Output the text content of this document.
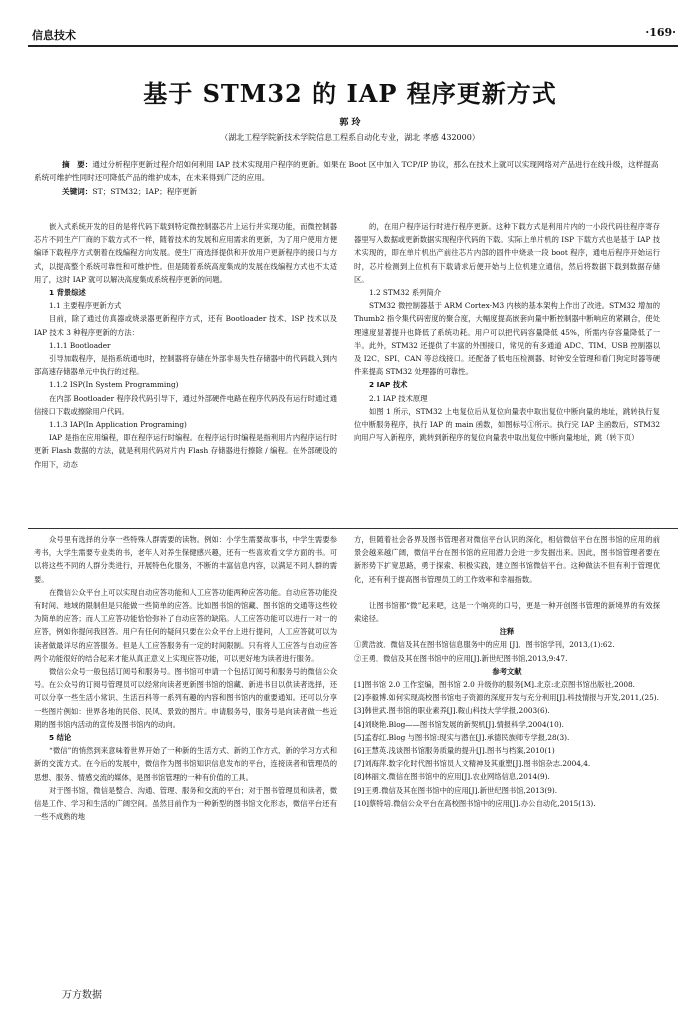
信息技术	·169·
基于 STM32 的 IAP 程序更新方式
郭 玲
（湖北工程学院新技术学院信息工程系自动化专业，湖北 孝感 432000）
摘　要：通过分析程序更新过程介绍如何利用 IAP 技术实现用户程序的更新。如果在 Boot 区中加入 TCP/IP 协议，那么在技术上就可以实现网络对产品进行在线升级，这样提高系统可维护性同时还可降低产品的维护成本，在未来得到广泛的应用。
关键词：ST；STM32；IAP；程序更新

嵌入式系统开发的目的是将代码下载到特定微控制器芯片上运行并实现功能，而微控制器芯片不同生产厂商的下载方式不一样，随着技术的发展和应用需求的更新，为了用户使用方便编译下载程序方式朝着在线编程方向发展。使生厂商选择提供和开放用户更新程序的接口与方式，以提高整个系统可靠性和可维护性。但是随着系统高度集成的发展在线编程方式也不太适用了，这时 IAP 就可以解决高度集成系统程序更新的问题。

1 背景综述

1.1 主要程序更新方式

目前，除了通过仿真器或烧录器更新程序方式，还有 Bootloader 技术、ISP 技术以及 IAP 技术 3 种程序更新的方法：

1.1.1 Bootloader

引导加载程序，是指系统通电时，控制器将存储在外部非易失性存储器中的代码载入到内部高速存储器单元中执行的过程。

1.1.2 ISP(In System Programming)

在内部 Bootloader 程序段代码引导下，通过外部硬件电路在程序代码没有运行时通过通信接口下载或擦除用户代码。

1.1.3 IAP(In Application Programing)

IAP 是指在应用编程，即在程序运行时编程。在程序运行时编程是指利用片内程序运行时更新 Flash 数据的方法，就是利用代码对片内 Flash 存储器进行擦除 / 编程。在外部硬设的作用下，动态

的，在用户程序运行时进行程序更新。这种下载方式是利用片内的一小段代码往程序寄存器里写入数据或更新数据实现程序代码的下载。实际上单片机的 ISP 下载方式也是基于 IAP 技术实现的，即在单片机出产前往芯片内部的固件中烧录一段 boot 程序，通电后程序开始运行时，芯片检测到上位机有下载请求后便开始与上位机建立通信，然后将数据下载到数据存储区。

1.2 STM32 系列简介

STM32 微控制器基于 ARM Cortex-M3 内核的基本架构上作出了改进。STM32 增加的 Thumb2 指令集代码密度的聚合度，大幅度提高嵌套向量中断控制器中断响应的紧耦合，使处理速度显著提升也降低了系统功耗。用户可以把代码容量降低 45%，所需内存容量降低了一半。此外，STM32 还提供了丰富的外围接口，常见的有多通道 ADC、TIM、USB 控制器以及 I2C、SPI、CAN 等总线接口。还配备了低电压检测器、时钟安全管理和看门狗定时器等硬件来提高 STM32 处理器的可靠性。

2 IAP 技术

2.1 IAP 技术原理

如图 1 所示，STM32 上电复位后从复位向量表中取出复位中断向量的地址，跳转执行复位中断服务程序，执行 IAP 的 main 函数，如图标号①所示。执行完 IAP 主函数后，STM32 向用户写入新程序，跳转到新程序的复位向量表中取出复位中断向量地址，跳（转下页）

众号里有选择的分享一些特殊人群需要的读物。例如：小学生需要故事书，中学生需要参考书，大学生需要专业类的书，老年人对养生保健感兴趣，还有一些喜欢看文学方面的书。可以将这些不同的人群分类进行，开展特色化服务，不断的丰富信息内容，以满足不同人群的需要。

在微信公众平台上可以实现自动应答功能和人工应答功能两种应答功能。自动应答功能没有时间、地域的限制但是只能做一些简单的应答。比如图书馆的馆藏、图书馆的交通等这些较为简单的应答；而人工应答功能恰恰弥补了自动应答的缺陷。人工应答功能可以进行一对一的应答，例如你提问我回答。用户有任何的疑问只要在公众平台上进行提问，人工应答就可以为读者做最详尽的应答服务。但是人工应答服务有一定的时间限制。只有将人工应答与自动应答两个功能很好的结合起来才能从真正意义上实现应答功能，可以更好地为读者进行服务。

微信公众号一般包括订阅号和服务号。图书馆可申请一个包括订阅号和服务号的微信公众号。在公众号的订阅号管理员可以经常向读者更新图书馆的馆藏、新进书目以供读者选择，还可以分享一些生活小常识、生活百科等一系列有趣的内容和图书馆内的重要通知。还可以分享一些图片例如：世界各地的民俗、民风、景致的图片。申请服务号，服务号是向读者做一些近期的图书馆内活动的宣传及图书馆内的动向。

5 结论

“微信”的悄然到来意味着世界开始了一种新的生活方式、新的工作方式、新的学习方式和新的交流方式。在今后的发展中，微信作为图书馆知识信息发布的平台，连接读者和管理员的思想、服务、情感交流的媒体，是图书馆管理的一种有价值的工具。

对于图书馆，微信是整合、沟通、管理、服务和交流的平台；对于图书管理员和读者，微信是工作、学习和生活的广阔空间。虽然目前作为一种新型的图书馆文化形态，微信平台还有一些不成熟的地

方，但随着社会各界及图书管理者对微信平台认识的深化，相信微信平台在图书馆的应用的前景会越来越广阔，微信平台在图书馆的应用潜力会进一步发掘出来。因此，图书馆管理者要在新形势下扩宽思路，勇于探索、积极实践，建立图书馆微信平台。这种做法不但有利于管理优化，还有利于提高图书管理员工的工作效率和幸福指数。

让图书馆都“微”起来吧，这是一个响亮的口号，更是一种开创图书管理的新境界的有效探索途径。

注释

①黄浩波．微信及其在图书馆信息服务中的应用 [J]．图书馆学刊，2013,(1):62.

②王勇．微信及其在图书馆中的应用[J].新世纪图书馆,2013,9:47.

参考文献

[1]图书馆 2.0 工作室编，图书馆 2.0 升级你的服务[M].北京:北京图书馆出版社,2008.

[2]李毅博.如何实现高校图书馆电子资源的深度开发与充分利用[J].科技情报与开发,2011,(25).

[3]韩世武.图书馆的职业素养[J].鞍山科技大学学报,2003(6).

[4]刘晓艳.Blog——图书馆发展的新契机[J].情报科学,2004(10).

[5]孟春红.Blog 与图书馆:现实与潜在[J].承德民族师专学报,28(3).

[6]王慧英.浅谈图书馆服务质量的提升[J].图书与档案,2010(1)

[7]刘海萍.数字化时代图书馆员人文精神及其重塑[J].图书馆杂志.2004,4.

[8]林丽文.微信在图书馆中的应用[J].农业网络信息,2014(9).

[9]王勇.微信及其在图书馆中的应用[J].新世纪图书馆,2013(9).

[10]蔡特培.微信公众平台在高校图书馆中的应用[J].办公自动化,2015(13).

万方数据
